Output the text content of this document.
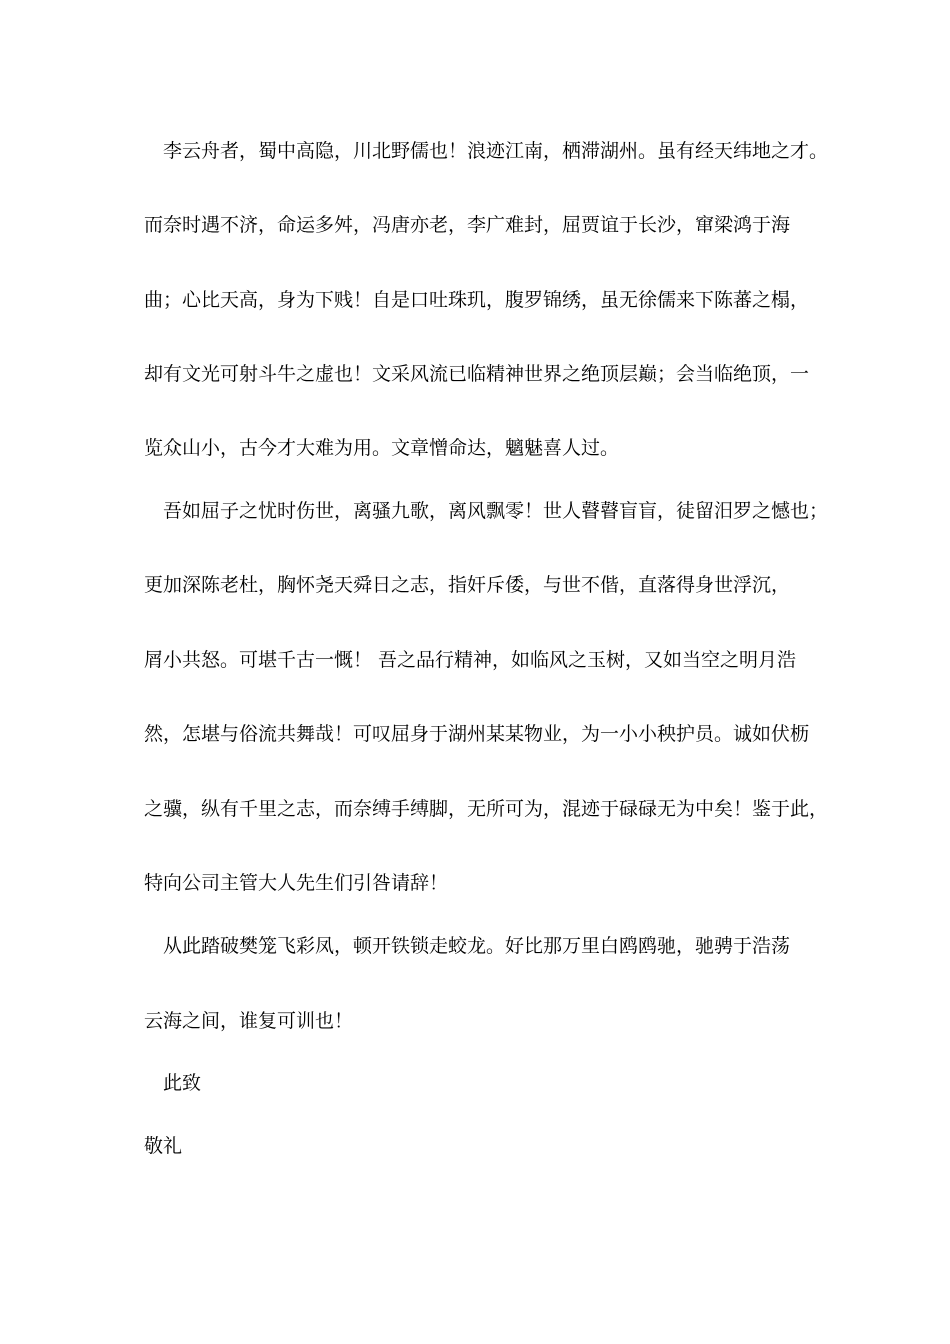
李云舟者，蜀中高隐，川北野儒也！浪迹江南，栖滞湖州。虽有经天纬地之才。
而奈时遇不济，命运多舛，冯唐亦老，李广难封，屈贾谊于长沙，窜梁鸿于海
曲；心比天高，身为下贱！自是口吐珠玑，腹罗锦绣，虽无徐儒来下陈蕃之榻，
却有文光可射斗牛之虚也！文采风流已临精神世界之绝顶层巅；会当临绝顶，一
览众山小，古今才大难为用。文章憎命达，魑魅喜人过。
吾如屈子之忧时伤世，离骚九歌，离风飘零！世人瞽瞽盲盲，徒留汨罗之憾也；
更加深陈老杜，胸怀尧天舜日之志，指奸斥倭，与世不偕，直落得身世浮沉，
屑小共怒。可堪千古一慨！ 吾之品行精神，如临风之玉树，又如当空之明月浩
然，怎堪与俗流共舞哉！可叹屈身于湖州某某物业，为一小小秧护员。诚如伏枥
之骥，纵有千里之志，而奈缚手缚脚，无所可为，混迹于碌碌无为中矣！鉴于此，
特向公司主管大人先生们引咎请辞！
从此踏破樊笼飞彩凤，顿开铁锁走蛟龙。好比那万里白鸥鸥驰，驰骋于浩荡
云海之间，谁复可训也！
此致
敬礼
